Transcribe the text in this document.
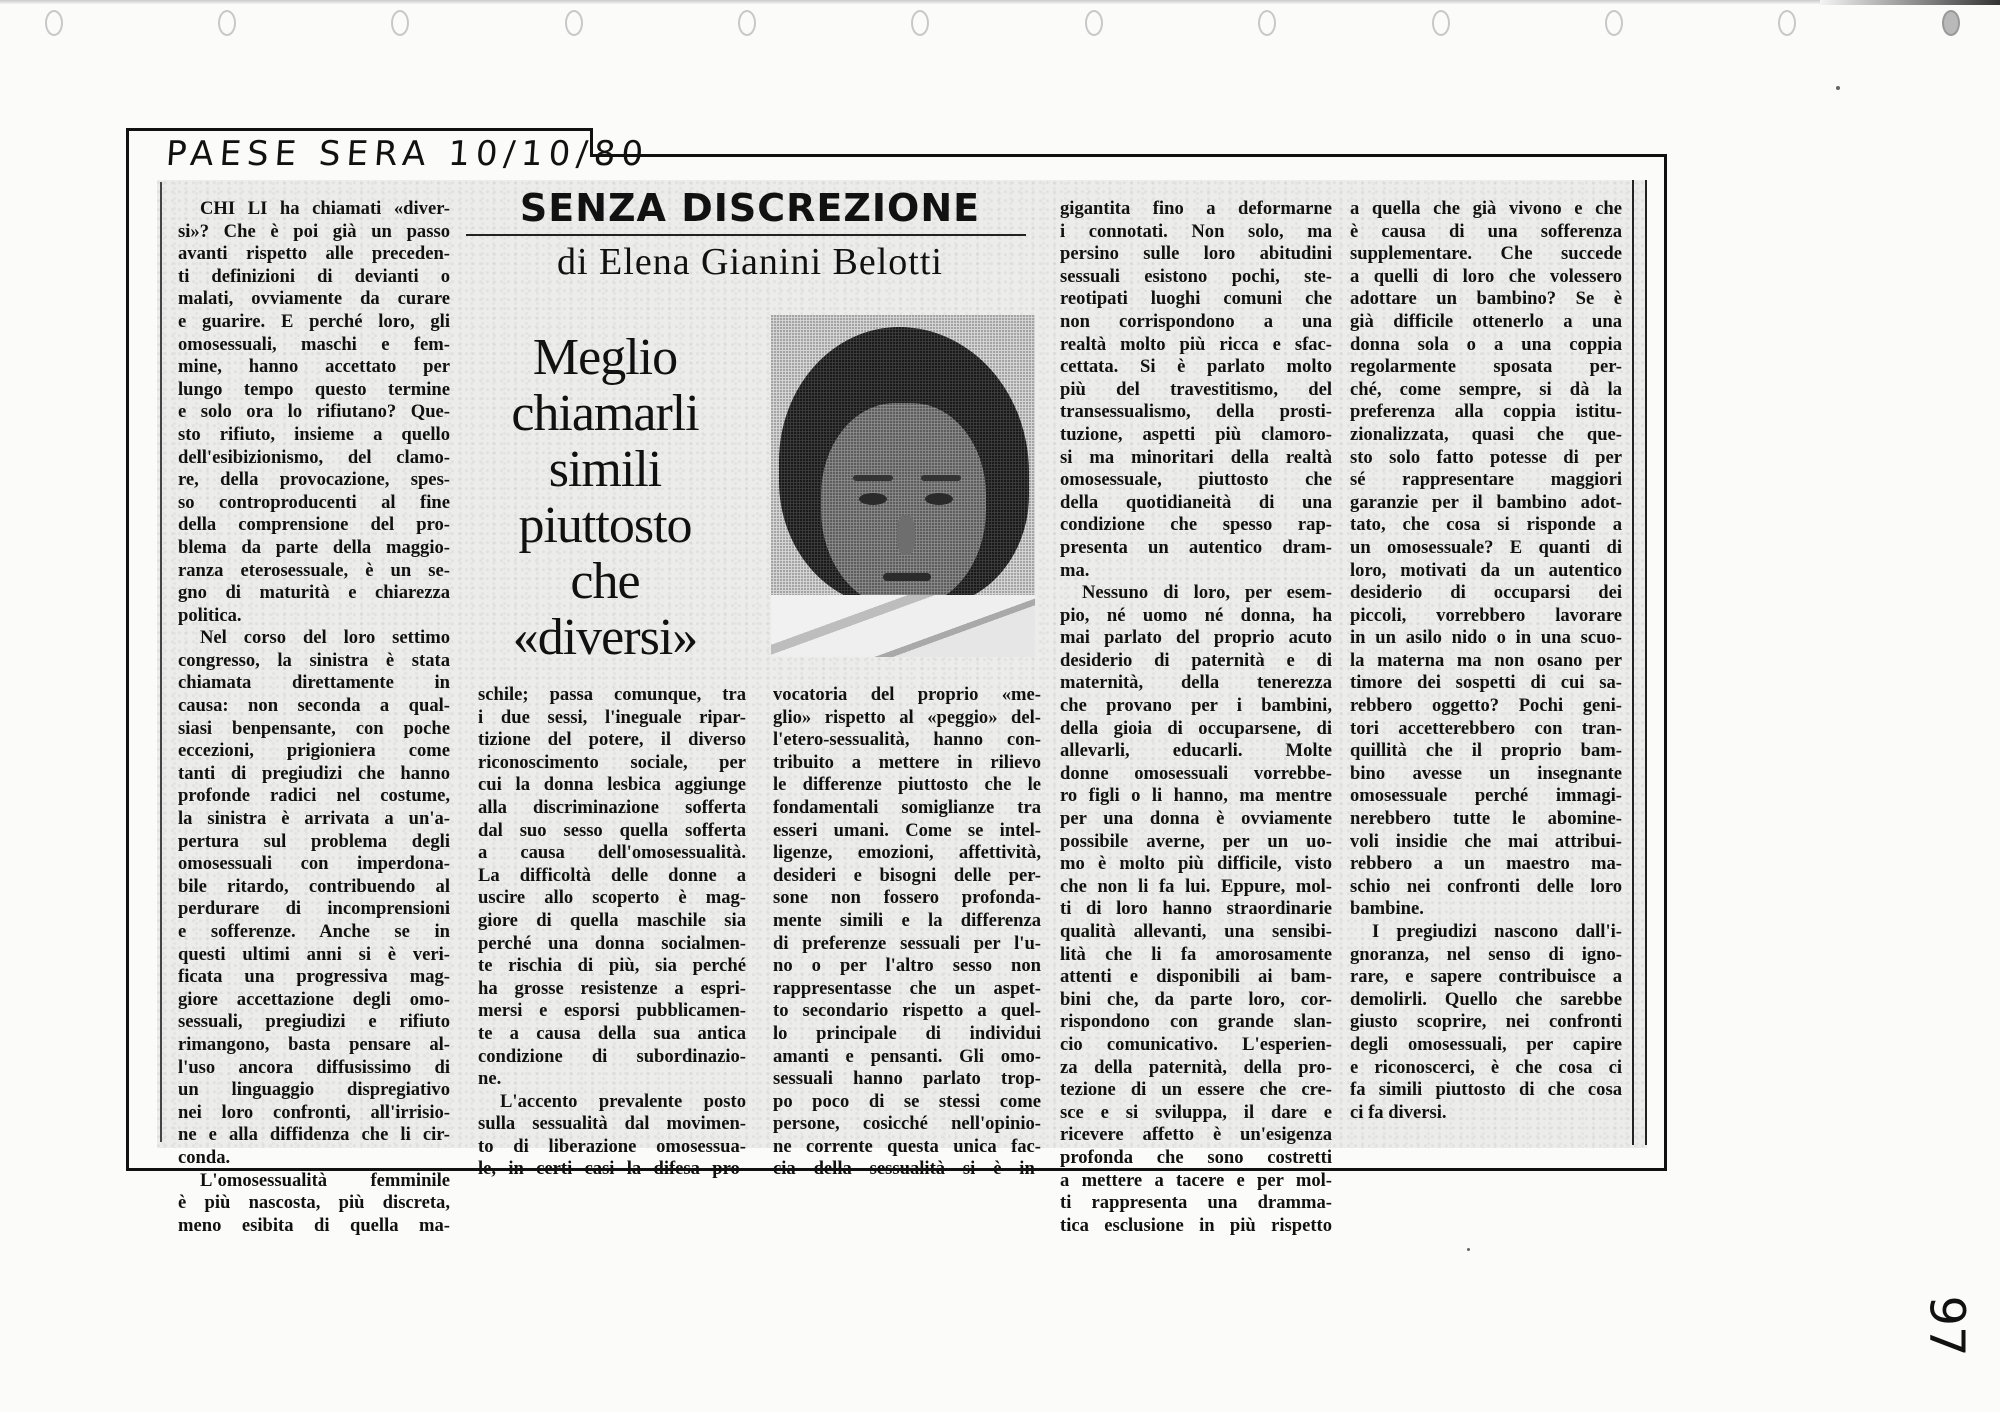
PAESE SERA 10/10/80
SENZA DISCREZIONE
di Elena Gianini Belotti
Meglio
chiamarli
simili
piuttosto
che
«diversi»
CHI LI ha chiamati «diver-
si»? Che è poi già un passo
avanti rispetto alle preceden-
ti definizioni di devianti o
malati, ovviamente da curare
e guarire. E perché loro, gli
omosessuali, maschi e fem-
mine, hanno accettato per
lungo tempo questo termine
e solo ora lo rifiutano? Que-
sto rifiuto, insieme a quello
dell'esibizionismo, del clamo-
re, della provocazione, spes-
so controproducenti al fine
della comprensione del pro-
blema da parte della maggio-
ranza eterosessuale, è un se-
gno di maturità e chiarezza
politica.
Nel corso del loro settimo
congresso, la sinistra è stata
chiamata direttamente in
causa: non seconda a qual-
siasi benpensante, con poche
eccezioni, prigioniera come
tanti di pregiudizi che hanno
profonde radici nel costume,
la sinistra è arrivata a un'a-
pertura sul problema degli
omosessuali con imperdona-
bile ritardo, contribuendo al
perdurare di incomprensioni
e sofferenze. Anche se in
questi ultimi anni si è veri-
ficata una progressiva mag-
giore accettazione degli omo-
sessuali, pregiudizi e rifiuto
rimangono, basta pensare al-
l'uso ancora diffusissimo di
un linguaggio dispregiativo
nei loro confronti, all'irrisio-
ne e alla diffidenza che li cir-
conda.
L'omosessualità femminile
è più nascosta, più discreta,
meno esibita di quella ma-
schile; passa comunque, tra
i due sessi, l'ineguale ripar-
tizione del potere, il diverso
riconoscimento sociale, per
cui la donna lesbica aggiunge
alla discriminazione sofferta
dal suo sesso quella sofferta
a causa dell'omosessualità.
La difficoltà delle donne a
uscire allo scoperto è mag-
giore di quella maschile sia
perché una donna socialmen-
te rischia di più, sia perché
ha grosse resistenze a espri-
mersi e esporsi pubblicamen-
te a causa della sua antica
condizione di subordinazio-
ne.
L'accento prevalente posto
sulla sessualità dal movimen-
to di liberazione omosessua-
le, in certi casi la difesa pro-
vocatoria del proprio «me-
glio» rispetto al «peggio» del-
l'etero-sessualità, hanno con-
tribuito a mettere in rilievo
le differenze piuttosto che le
fondamentali somiglianze tra
esseri umani. Come se intel-
ligenze, emozioni, affettività,
desideri e bisogni delle per-
sone non fossero profonda-
mente simili e la differenza
di preferenze sessuali per l'u-
no o per l'altro sesso non
rappresentasse che un aspet-
to secondario rispetto a quel-
lo principale di individui
amanti e pensanti. Gli omo-
sessuali hanno parlato trop-
po poco di se stessi come
persone, cosicché nell'opinio-
ne corrente questa unica fac-
cia della sessualità si è in-
gigantita fino a deformarne
i connotati. Non solo, ma
persino sulle loro abitudini
sessuali esistono pochi, ste-
reotipati luoghi comuni che
non corrispondono a una
realtà molto più ricca e sfac-
cettata. Si è parlato molto
più del travestitismo, del
transessualismo, della prosti-
tuzione, aspetti più clamoro-
si ma minoritari della realtà
omosessuale, piuttosto che
della quotidianeità di una
condizione che spesso rap-
presenta un autentico dram-
ma.
Nessuno di loro, per esem-
pio, né uomo né donna, ha
mai parlato del proprio acuto
desiderio di paternità e di
maternità, della tenerezza
che provano per i bambini,
della gioia di occuparsene, di
allevarli, educarli. Molte
donne omosessuali vorrebbe-
ro figli o li hanno, ma mentre
per una donna è ovviamente
possibile averne, per un uo-
mo è molto più difficile, visto
che non li fa lui. Eppure, mol-
ti di loro hanno straordinarie
qualità allevanti, una sensibi-
lità che li fa amorosamente
attenti e disponibili ai bam-
bini che, da parte loro, cor-
rispondono con grande slan-
cio comunicativo. L'esperien-
za della paternità, della pro-
tezione di un essere che cre-
sce e si sviluppa, il dare e
ricevere affetto è un'esigenza
profonda che sono costretti
a mettere a tacere e per mol-
ti rappresenta una dramma-
tica esclusione in più rispetto
a quella che già vivono e che
è causa di una sofferenza
supplementare. Che succede
a quelli di loro che volessero
adottare un bambino? Se è
già difficile ottenerlo a una
donna sola o a una coppia
regolarmente sposata per-
ché, come sempre, si dà la
preferenza alla coppia istitu-
zionalizzata, quasi che que-
sto solo fatto potesse di per
sé rappresentare maggiori
garanzie per il bambino adot-
tato, che cosa si risponde a
un omosessuale? E quanti di
loro, motivati da un autentico
desiderio di occuparsi dei
piccoli, vorrebbero lavorare
in un asilo nido o in una scuo-
la materna ma non osano per
timore dei sospetti di cui sa-
rebbero oggetto? Pochi geni-
tori accetterebbero con tran-
quillità che il proprio bam-
bino avesse un insegnante
omosessuale perché immagi-
nerebbero tutte le abomine-
voli insidie che mai attribui-
rebbero a un maestro ma-
schio nei confronti delle loro
bambine.
I pregiudizi nascono dall'i-
gnoranza, nel senso di igno-
rare, e sapere contribuisce a
demolirli. Quello che sarebbe
giusto scoprire, nei confronti
degli omosessuali, per capire
e riconoscerci, è che cosa ci
fa simili piuttosto di che cosa
ci fa diversi.
97
